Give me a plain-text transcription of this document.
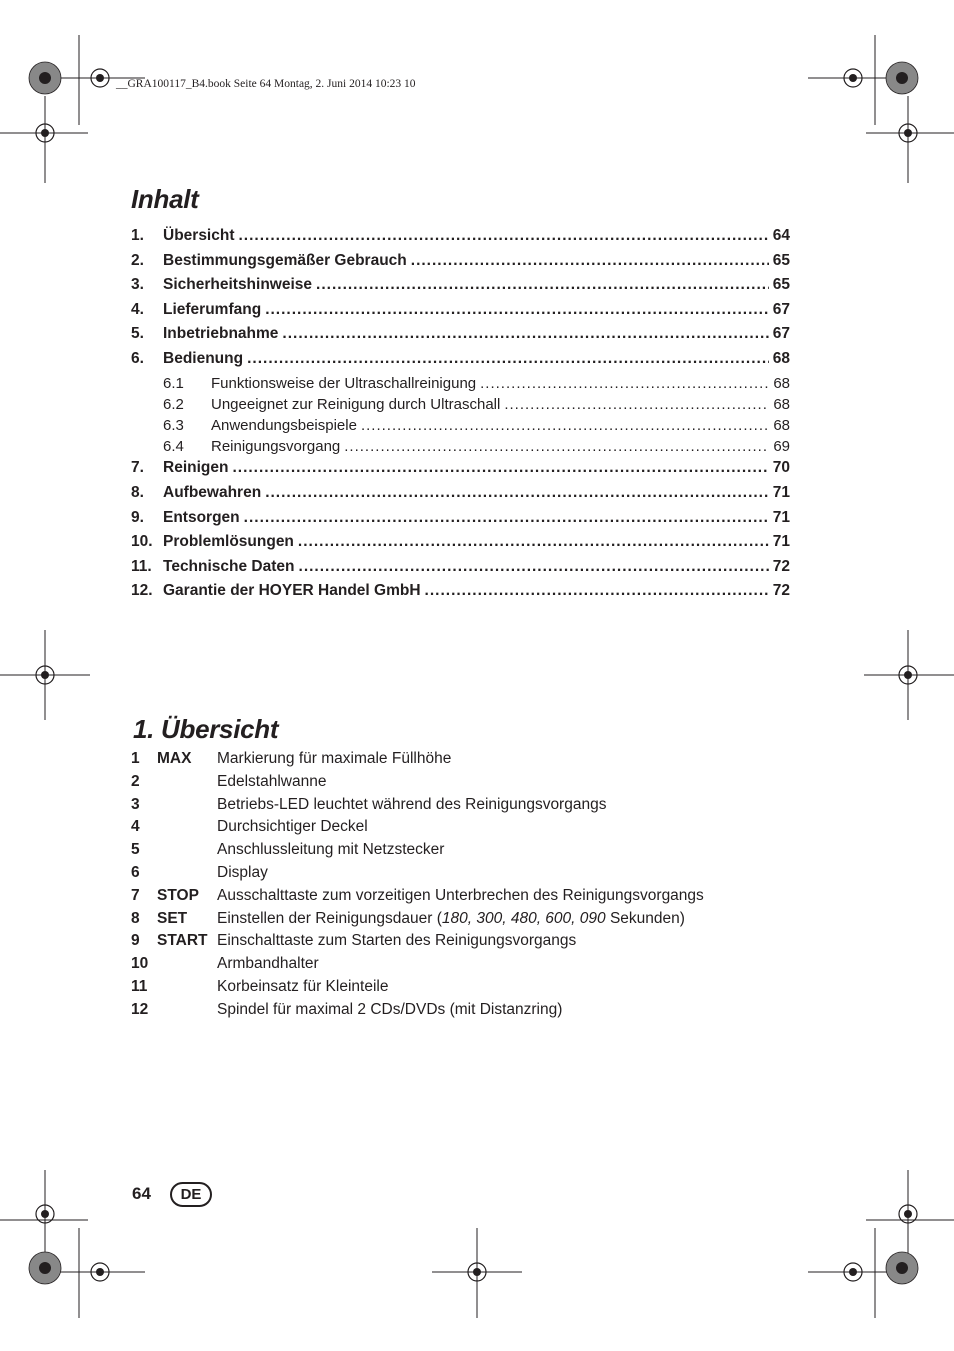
__GRA100117_B4.book Seite 64 Montag, 2. Juni 2014 10:23 10
Inhalt
1.	Übersicht .....	64
2.	Bestimmungsgemäßer Gebrauch .....	65
3.	Sicherheitshinweise .....	65
4.	Lieferumfang .....	67
5.	Inbetriebnahme .....	67
6.	Bedienung .....	68
6.1	Funktionsweise der Ultraschallreinigung .....	68
6.2	Ungeeignet zur Reinigung durch Ultraschall .....	68
6.3	Anwendungsbeispiele .....	68
6.4	Reinigungsvorgang .....	69
7.	Reinigen .....	70
8.	Aufbewahren .....	71
9.	Entsorgen .....	71
10. Problemlösungen .....	71
11. Technische Daten .....	72
12. Garantie der HOYER Handel GmbH .....	72
1. Übersicht
1	MAX	Markierung für maximale Füllhöhe
2	Edelstahlwanne
3	Betriebs-LED leuchtet während des Reinigungsvorgangs
4	Durchsichtiger Deckel
5	Anschlussleitung mit Netzstecker
6	Display
7	STOP	Ausschalttaste zum vorzeitigen Unterbrechen des Reinigungsvorgangs
8	SET	Einstellen der Reinigungsdauer (180, 300, 480, 600, 090 Sekunden)
9	START Einschalttaste zum Starten des Reinigungsvorgangs
10	Armbandhalter
11	Korbeinsatz für Kleinteile
12	Spindel für maximal 2 CDs/DVDs (mit Distanzring)
64	DE
